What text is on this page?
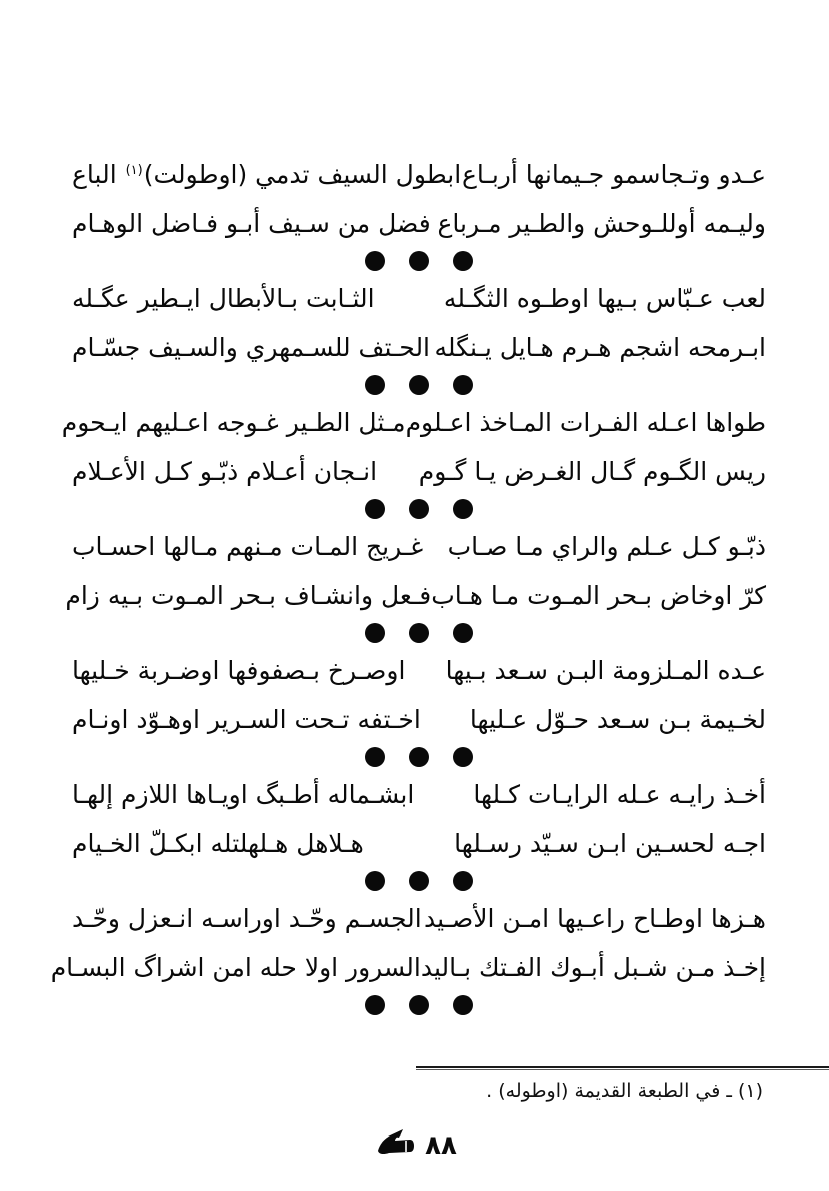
عـدو وتـجاسمو جـيمانها أربـاع
ابطول السيف تدمي (اوطولت)$^{(١)}$ الباع
وليـمه أوللـوحش والطـير مـرباع
فضل من سـيف أبـو فـاضل الوهـام
لعب عـبّاس بـيها اوطـوه الثگـله
الثـابت بـالأبطال ايـطير عگـله
ابـرمحه اشجم هـرم هـايل يـنگله
الحـتف للسـمهري والسـيف جسّـام
طواها اعـله الفـرات المـاخذ اعـلوم
مـثل الطـير غـوجه اعـليهم ايـحوم
ريس الگـوم گـال الغـرض يـا گـوم
انـجان أعـلام ذبّـو كـل الأعـلام
ذبّـو كـل عـلم والراي مـا صـاب
غـريج المـات مـنهم مـالها احسـاب
كرّ اوخاض بـحر المـوت مـا هـاب
فـعل وانشـاف بـحر المـوت بـيه زام
عـده المـلزومة البـن سـعد بـيها
اوصـرخ بـصفوفها اوضـربة خـليها
لخـيمة بـن سـعد حـوّل عـليها
اخـتفه تـحت السـرير اوهـوّد اونـام
أخـذ رايـه عـله الرايـات كـلها
ابشـماله أطـبگ اويـاها اللازم إلهـا
اجـه لحسـين ابـن سـيّد رسـلها
هـلاهل هـلهلتله ابكـلّ الخـيام
هـزها اوطـاح راعـيها امـن الأصـيد
الجسـم وحّـد اوراسـه انـعزل وحّـد
إخـذ مـن شـبل أبـوك الفـتك بـاليد
السرور اولا حله امن اشراگ البسـام
(١) ـ في الطبعة القديمة (اوطوله) .
٨٨
